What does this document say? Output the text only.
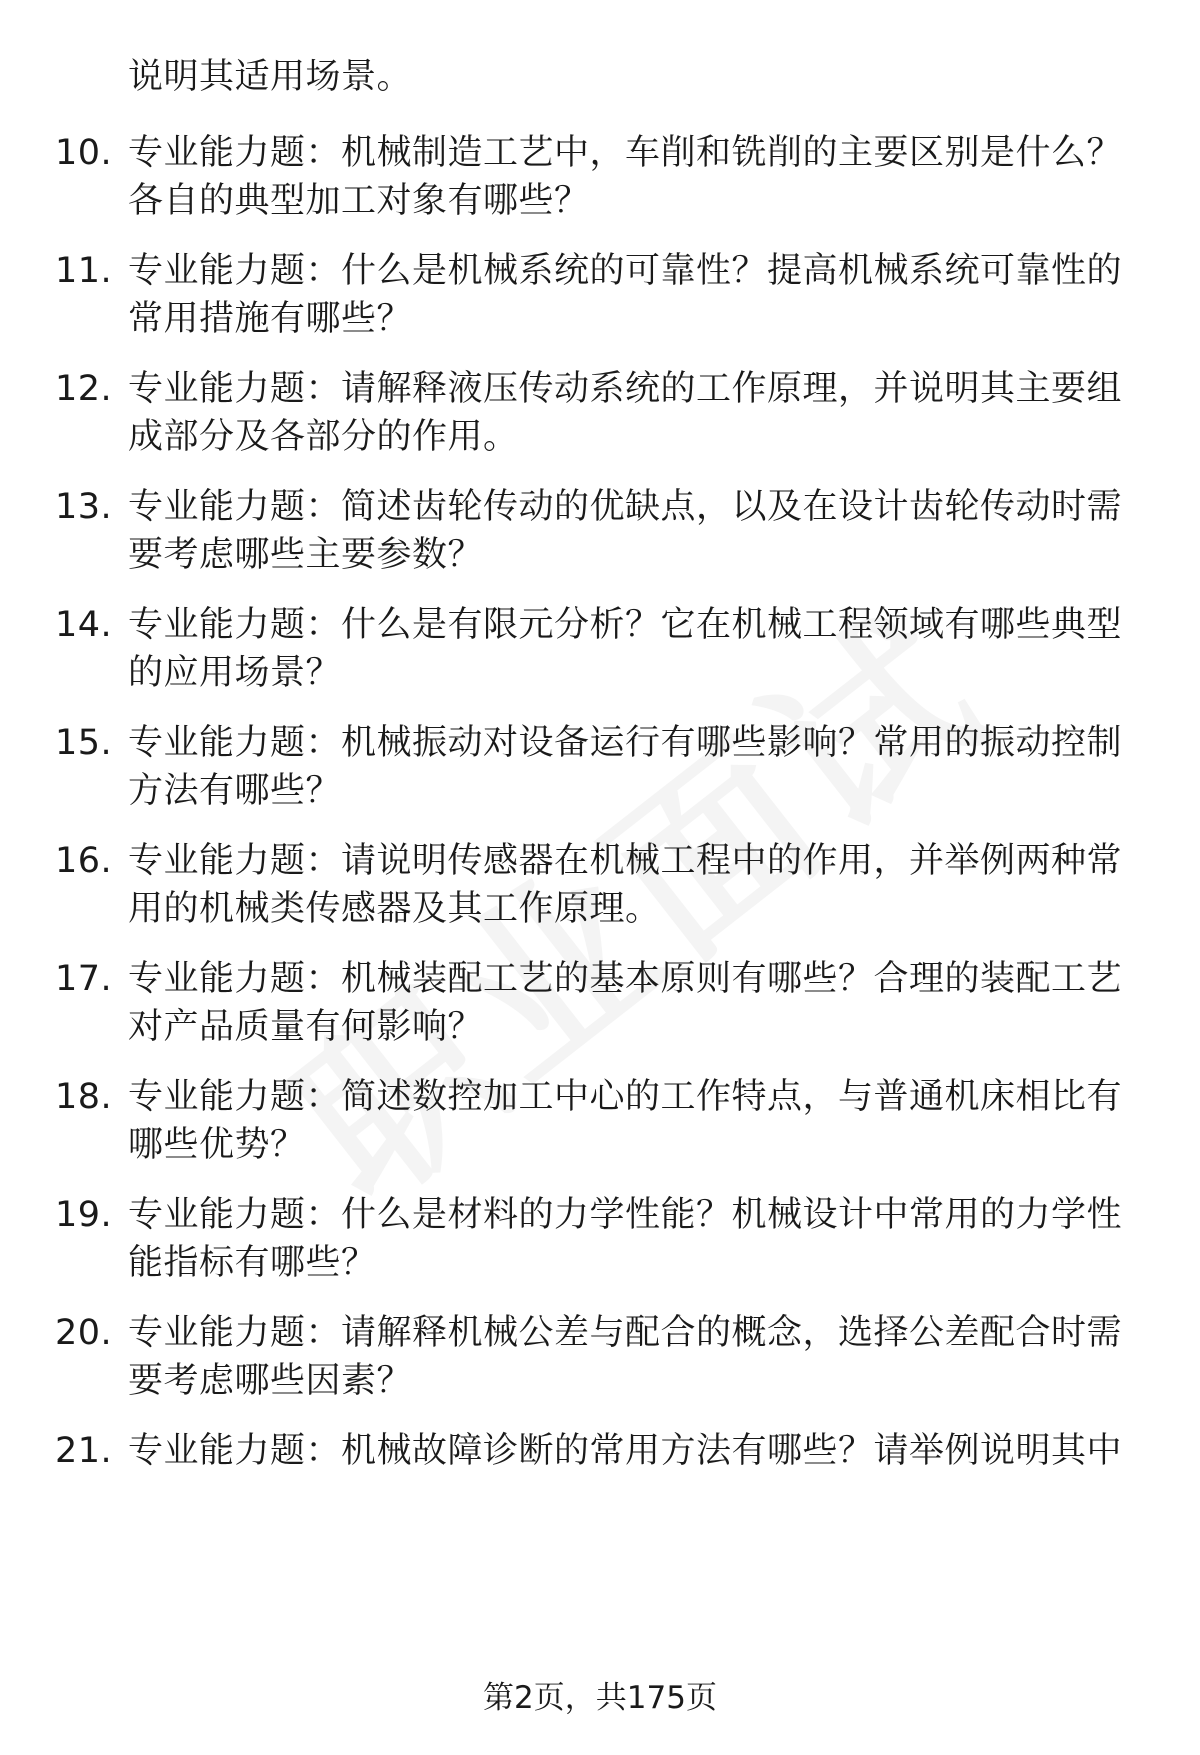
说明其适用场景。
10. 专业能力题：机械制造工艺中，车削和铣削的主要区别是什么？
各自的典型加工对象有哪些？
11. 专业能力题：什么是机械系统的可靠性？提高机械系统可靠性的
常用措施有哪些？
12. 专业能力题：请解释液压传动系统的工作原理，并说明其主要组
成部分及各部分的作用。
13. 专业能力题：简述齿轮传动的优缺点，以及在设计齿轮传动时需
要考虑哪些主要参数？
14. 专业能力题：什么是有限元分析？它在机械工程领域有哪些典型
的应用场景？
15. 专业能力题：机械振动对设备运行有哪些影响？常用的振动控制
方法有哪些？
16. 专业能力题：请说明传感器在机械工程中的作用，并举例两种常
用的机械类传感器及其工作原理。
17. 专业能力题：机械装配工艺的基本原则有哪些？合理的装配工艺
对产品质量有何影响？
18. 专业能力题：简述数控加工中心的工作特点，与普通机床相比有
哪些优势？
19. 专业能力题：什么是材料的力学性能？机械设计中常用的力学性
能指标有哪些？
20. 专业能力题：请解释机械公差与配合的概念，选择公差配合时需
要考虑哪些因素？
21. 专业能力题：机械故障诊断的常用方法有哪些？请举例说明其中
第2页，共175页
